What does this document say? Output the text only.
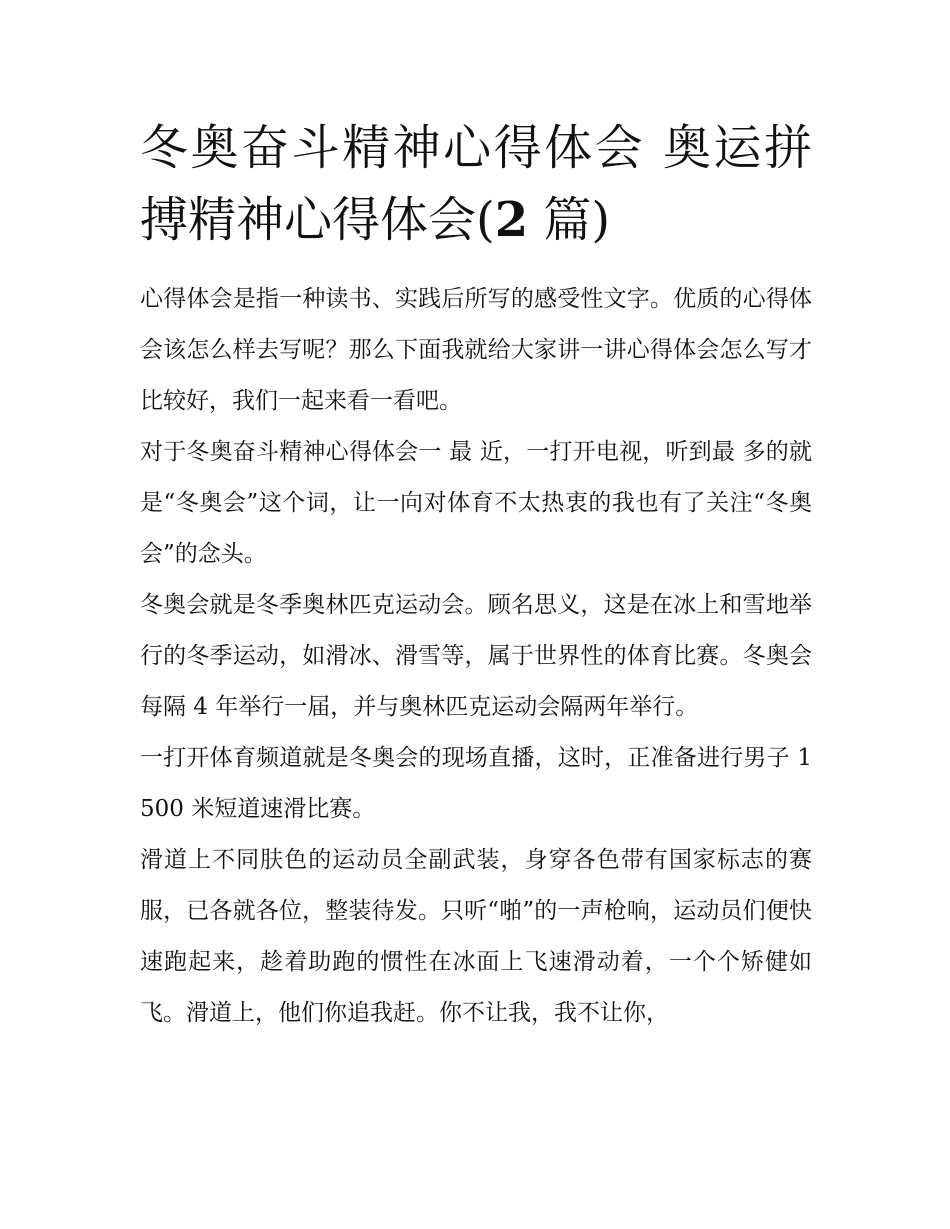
冬奥奋斗精神心得体会 奥运拼搏精神心得体会(2 篇)

心得体会是指一种读书、实践后所写的感受性文字。优质的心得体会该怎么样去写呢？那么下面我就给大家讲一讲心得体会怎么写才比较好，我们一起来看一看吧。

对于冬奥奋斗精神心得体会一 最 近，一打开电视，听到最 多的就是“冬奥会”这个词，让一向对体育不太热衷的我也有了关注“冬奥会”的念头。

冬奥会就是冬季奥林匹克运动会。顾名思义，这是在冰上和雪地举行的冬季运动，如滑冰、滑雪等，属于世界性的体育比赛。冬奥会每隔 4 年举行一届，并与奥林匹克运动会隔两年举行。

一打开体育频道就是冬奥会的现场直播，这时，正准备进行男子 1500 米短道速滑比赛。

滑道上不同肤色的运动员全副武装，身穿各色带有国家标志的赛服，已各就各位，整装待发。只听“啪”的一声枪响，运动员们便快速跑起来，趁着助跑的惯性在冰面上飞速滑动着，一个个矫健如飞。滑道上，他们你追我赶。你不让我，我不让你，
